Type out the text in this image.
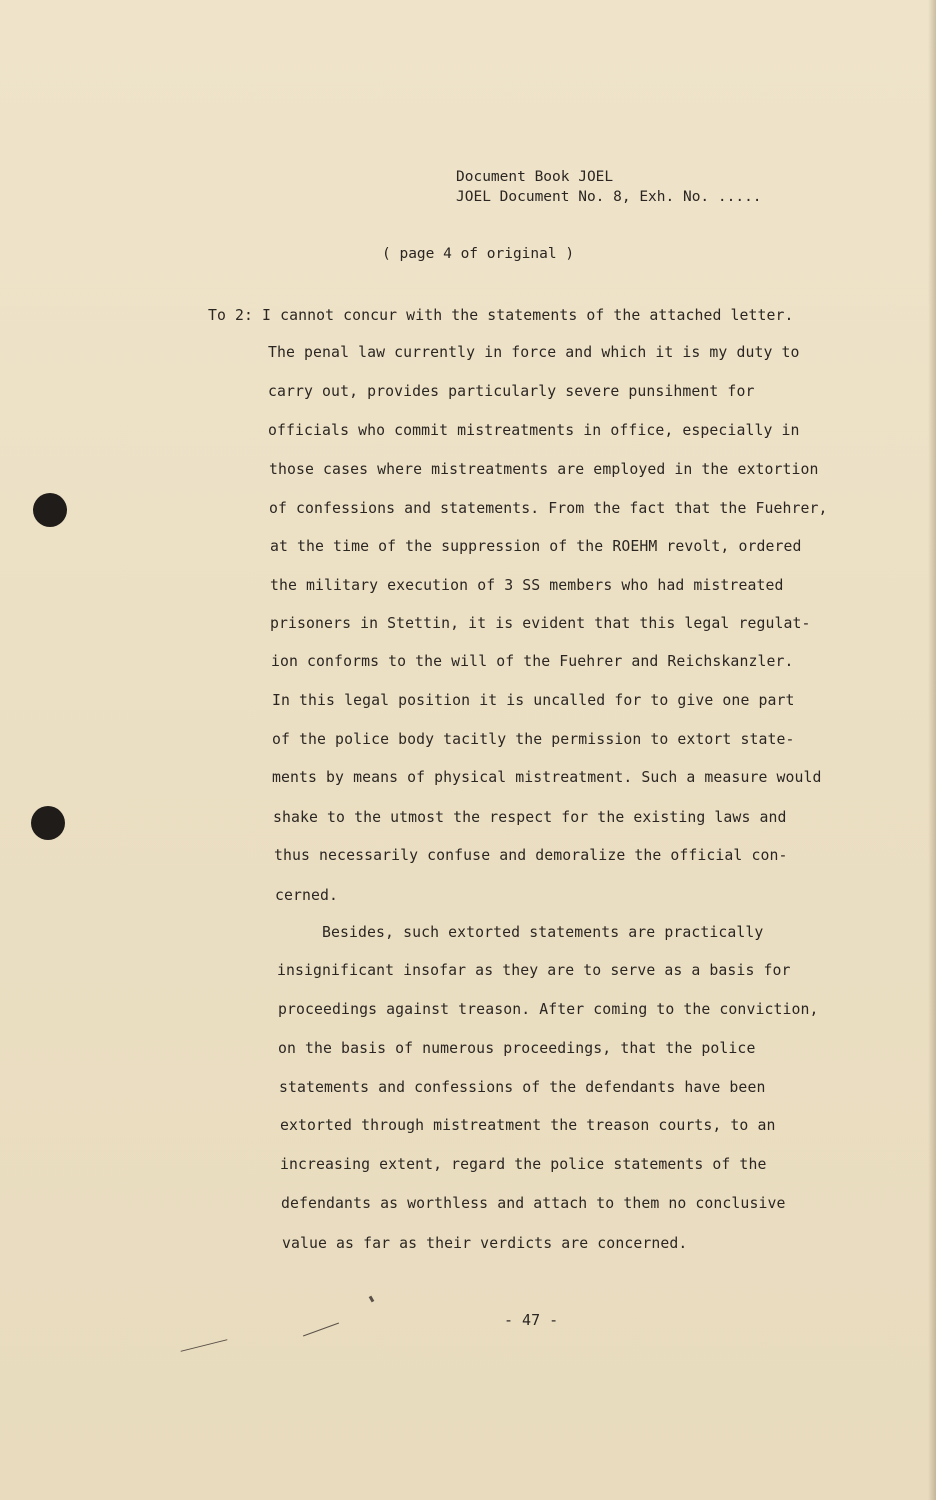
Document Book JOEL
JOEL Document No. 8, Exh. No. .....
( page 4 of original )
To 2: I cannot concur with the statements of the attached letter.
The penal law currently in force and which it is my duty to
carry out, provides particularly severe punsihment for
officials who commit mistreatments in office, especially in
those cases where mistreatments are employed in the extortion
of confessions and statements. From the fact that the Fuehrer,
at the time of the suppression of the ROEHM revolt, ordered
the military execution of 3 SS members who had mistreated
prisoners in Stettin, it is evident that this legal regulat-
ion conforms to the will of the Fuehrer and Reichskanzler.
In this legal position it is uncalled for to give one part
of the police body tacitly the permission to extort state-
ments by means of physical mistreatment. Such a measure would
shake to the utmost the respect for the existing laws and
thus necessarily confuse and demoralize the official con-
cerned.
Besides, such extorted statements are practically
insignificant insofar as they are to serve as a basis for
proceedings against treason. After coming to the conviction,
on the basis of numerous proceedings, that the police
statements and confessions of the defendants have been
extorted through mistreatment the treason courts, to an
increasing extent, regard the police statements of the
defendants as worthless and attach to them no conclusive
value as far as their verdicts are concerned.
- 47 -
